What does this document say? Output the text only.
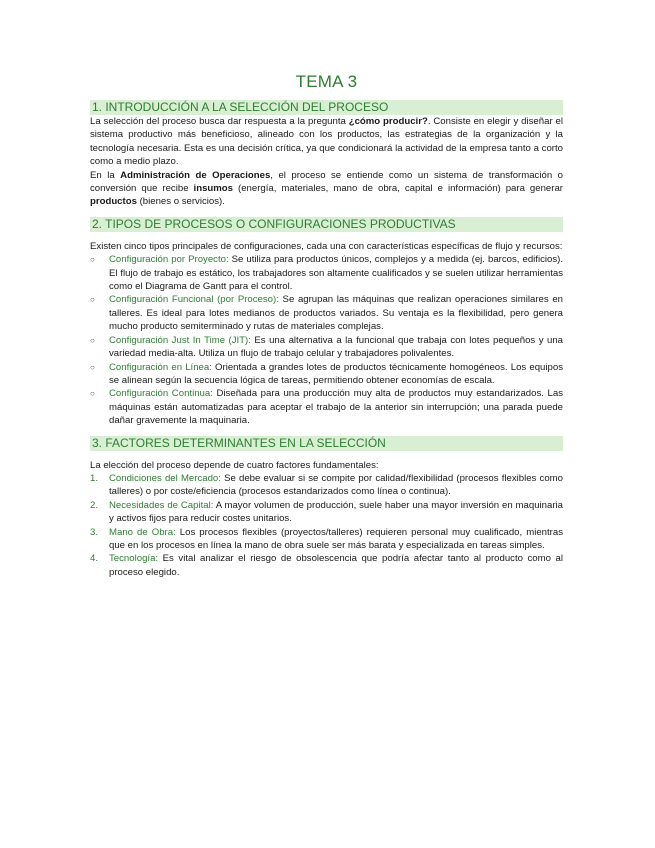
TEMA 3
1. INTRODUCCIÓN A LA SELECCIÓN DEL PROCESO

La selección del proceso busca dar respuesta a la pregunta ¿cómo producir?. Consiste en elegir y diseñar el sistema productivo más beneficioso, alineado con los productos, las estrategias de la organización y la tecnología necesaria. Esta es una decisión crítica, ya que condicionará la actividad de la empresa tanto a corto como a medio plazo.

En la Administración de Operaciones, el proceso se entiende como un sistema de transformación o conversión que recibe insumos (energía, materiales, mano de obra, capital e información) para generar productos (bienes o servicios).

2. TIPOS DE PROCESOS O CONFIGURACIONES PRODUCTIVAS

Existen cinco tipos principales de configuraciones, cada una con características específicas de flujo y recursos:

○ Configuración por Proyecto: Se utiliza para productos únicos, complejos y a medida (ej. barcos, edificios). El flujo de trabajo es estático, los trabajadores son altamente cualificados y se suelen utilizar herramientas como el Diagrama de Gantt para el control.
○ Configuración Funcional (por Proceso): Se agrupan las máquinas que realizan operaciones similares en talleres. Es ideal para lotes medianos de productos variados. Su ventaja es la flexibilidad, pero genera mucho producto semiterminado y rutas de materiales complejas.
○ Configuración Just In Time (JIT): Es una alternativa a la funcional que trabaja con lotes pequeños y una variedad media-alta. Utiliza un flujo de trabajo celular y trabajadores polivalentes.
○ Configuración en Línea: Orientada a grandes lotes de productos técnicamente homogéneos. Los equipos se alinean según la secuencia lógica de tareas, permitiendo obtener economías de escala.
○ Configuración Continua: Diseñada para una producción muy alta de productos muy estandarizados. Las máquinas están automatizadas para aceptar el trabajo de la anterior sin interrupción; una parada puede dañar gravemente la maquinaria.
3. FACTORES DETERMINANTES EN LA SELECCIÓN

La elección del proceso depende de cuatro factores fundamentales:

1. Condiciones del Mercado: Se debe evaluar si se compite por calidad/flexibilidad (procesos flexibles como talleres) o por coste/eficiencia (procesos estandarizados como línea o continua).
2. Necesidades de Capital: A mayor volumen de producción, suele haber una mayor inversión en maquinaria y activos fijos para reducir costes unitarios.
3. Mano de Obra: Los procesos flexibles (proyectos/talleres) requieren personal muy cualificado, mientras que en los procesos en línea la mano de obra suele ser más barata y especializada en tareas simples.
4. Tecnología: Es vital analizar el riesgo de obsolescencia que podría afectar tanto al producto como al proceso elegido.
